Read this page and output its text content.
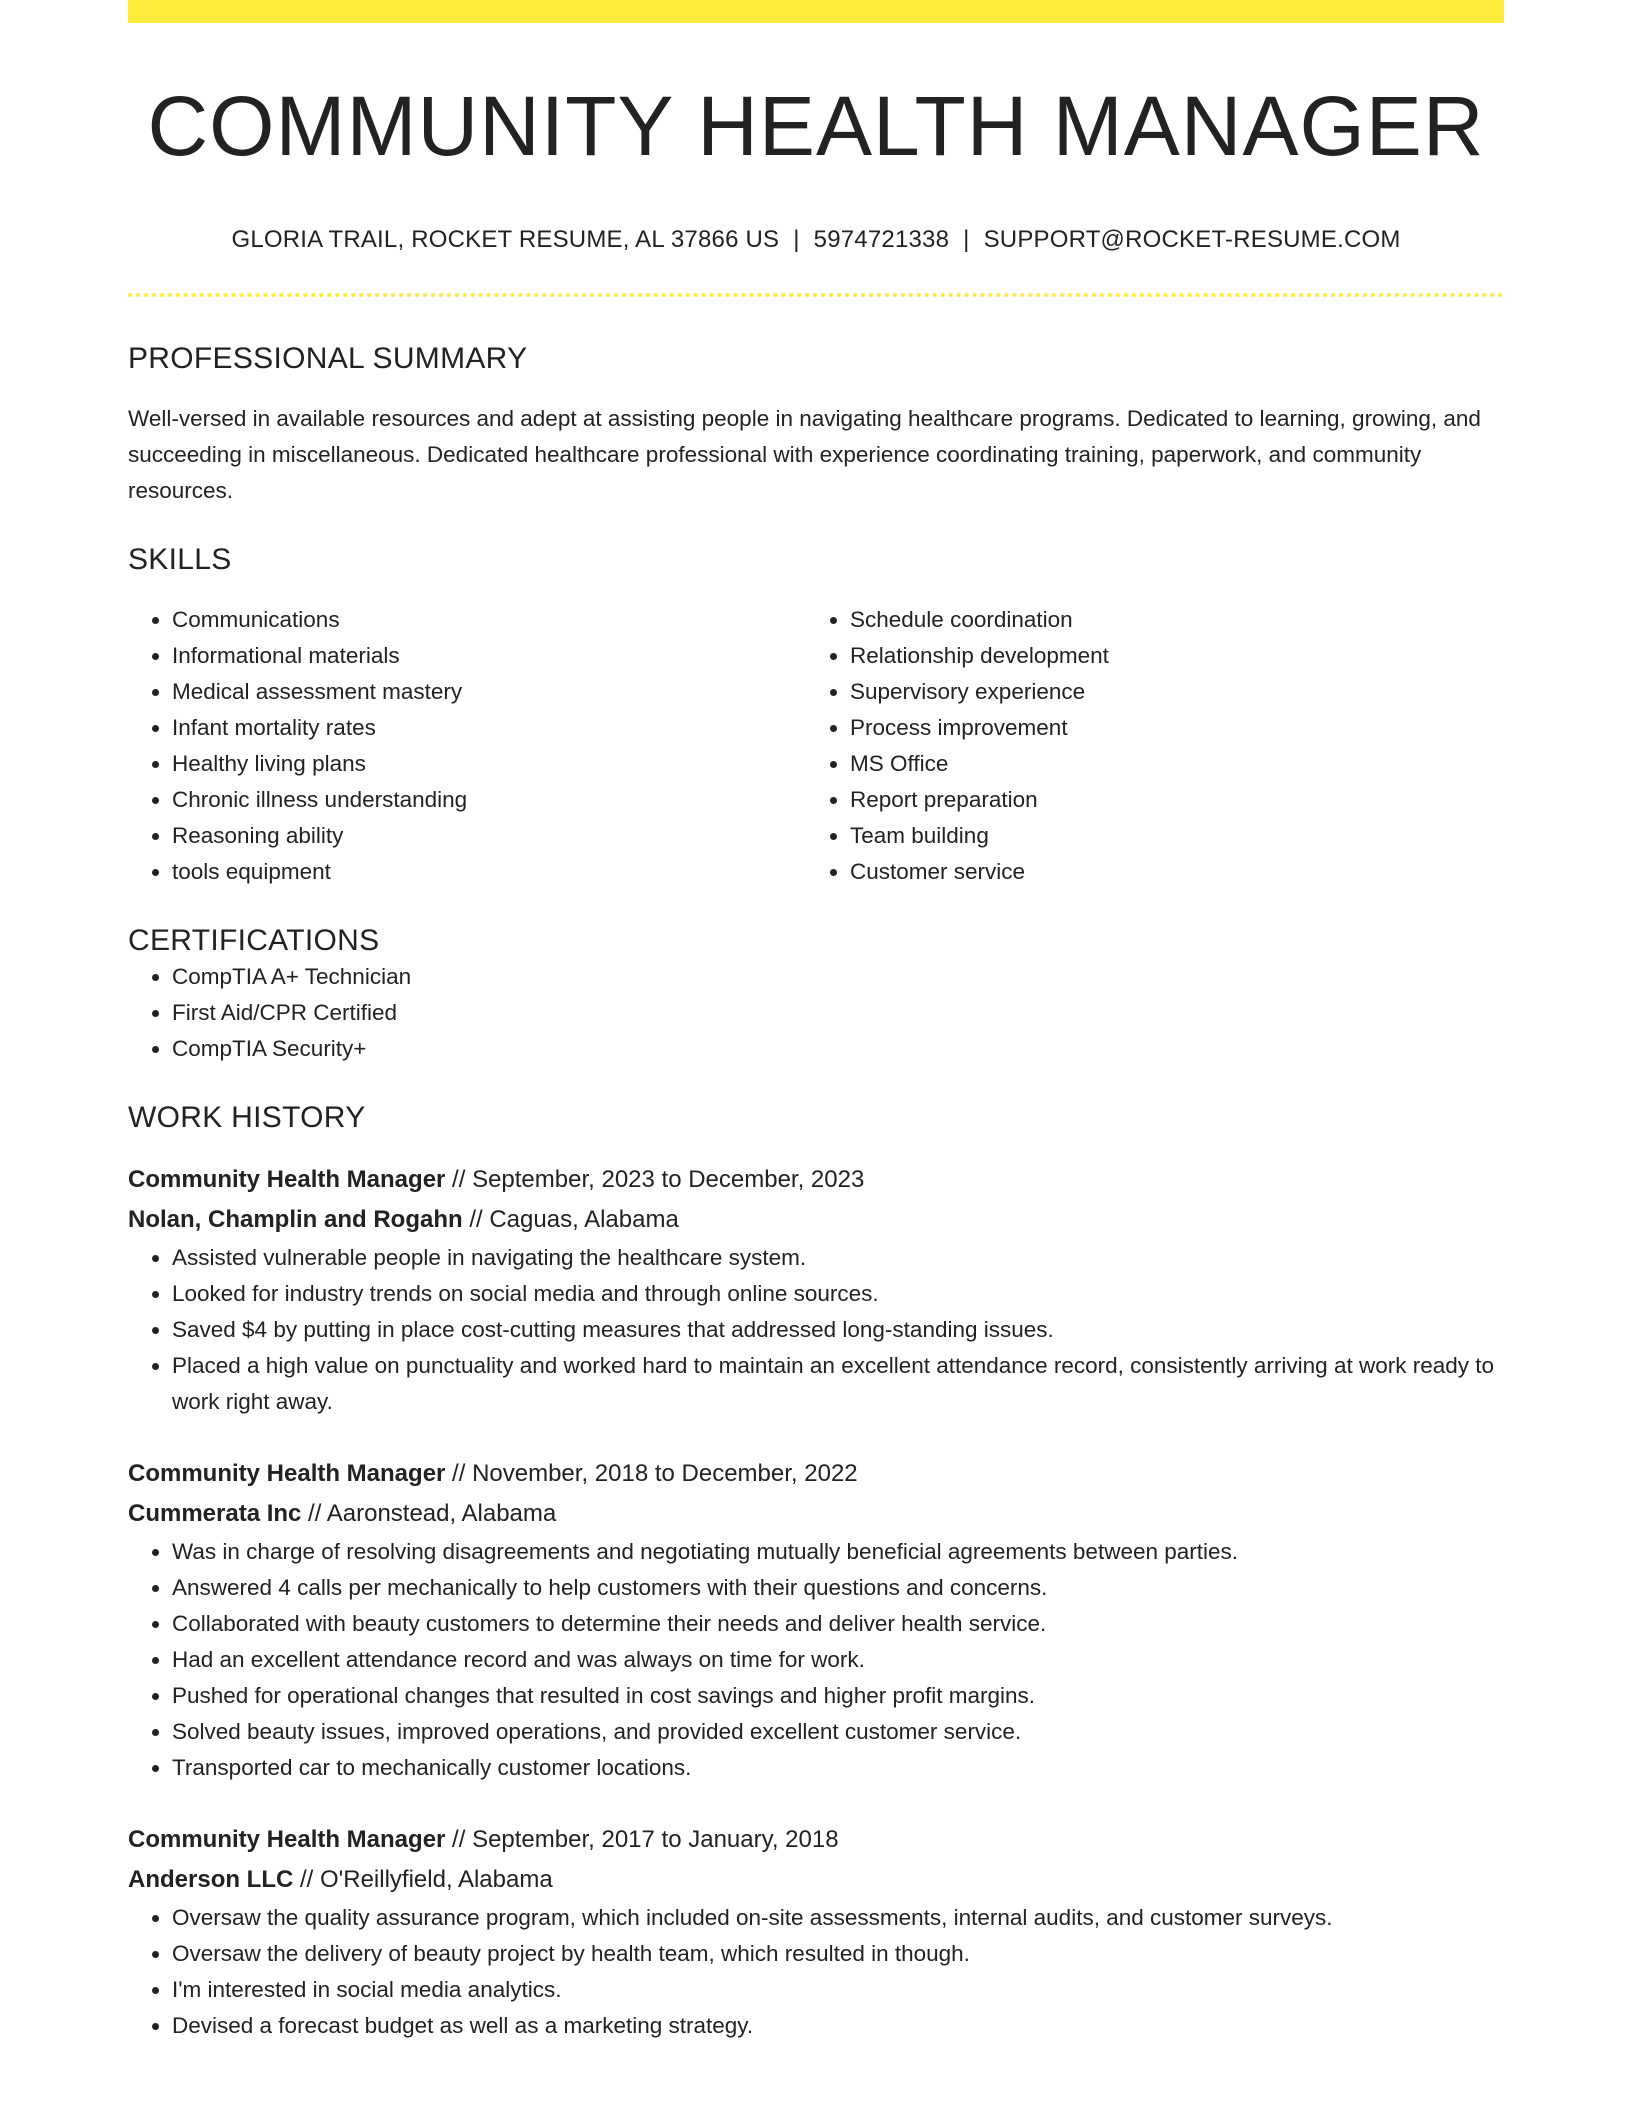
COMMUNITY HEALTH MANAGER
GLORIA TRAIL, ROCKET RESUME, AL 37866 US | 5974721338 | SUPPORT@ROCKET-RESUME.COM
PROFESSIONAL SUMMARY
Well-versed in available resources and adept at assisting people in navigating healthcare programs. Dedicated to learning, growing, and succeeding in miscellaneous. Dedicated healthcare professional with experience coordinating training, paperwork, and community resources.
SKILLS
• Communications
• Informational materials
• Medical assessment mastery
• Infant mortality rates
• Healthy living plans
• Chronic illness understanding
• Reasoning ability
• tools equipment
• Schedule coordination
• Relationship development
• Supervisory experience
• Process improvement
• MS Office
• Report preparation
• Team building
• Customer service
CERTIFICATIONS
• CompTIA A+ Technician
• First Aid/CPR Certified
• CompTIA Security+
WORK HISTORY
Community Health Manager // September, 2023 to December, 2023
Nolan, Champlin and Rogahn // Caguas, Alabama
• Assisted vulnerable people in navigating the healthcare system.
• Looked for industry trends on social media and through online sources.
• Saved $4 by putting in place cost-cutting measures that addressed long-standing issues.
• Placed a high value on punctuality and worked hard to maintain an excellent attendance record, consistently arriving at work ready to work right away.
Community Health Manager // November, 2018 to December, 2022
Cummerata Inc // Aaronstead, Alabama
• Was in charge of resolving disagreements and negotiating mutually beneficial agreements between parties.
• Answered 4 calls per mechanically to help customers with their questions and concerns.
• Collaborated with beauty customers to determine their needs and deliver health service.
• Had an excellent attendance record and was always on time for work.
• Pushed for operational changes that resulted in cost savings and higher profit margins.
• Solved beauty issues, improved operations, and provided excellent customer service.
• Transported car to mechanically customer locations.
Community Health Manager // September, 2017 to January, 2018
Anderson LLC // O'Reillyfield, Alabama
• Oversaw the quality assurance program, which included on-site assessments, internal audits, and customer surveys.
• Oversaw the delivery of beauty project by health team, which resulted in though.
• I'm interested in social media analytics.
• Devised a forecast budget as well as a marketing strategy.
